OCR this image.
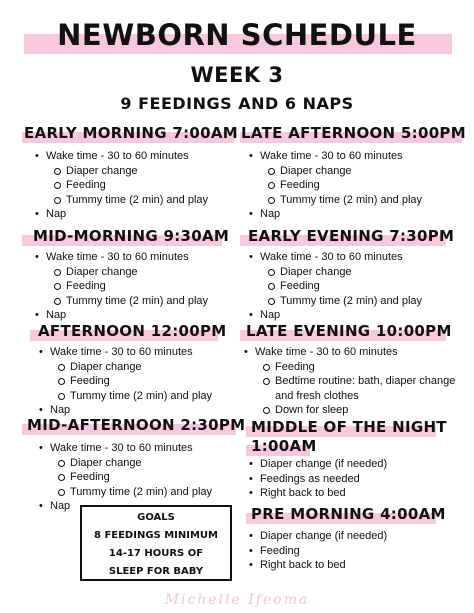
NEWBORN SCHEDULE
WEEK 3
9 FEEDINGS AND 6 NAPS
EARLY MORNING 7:00AM
• Wake time - 30 to 60 minutes
Diaper change
Feeding
Tummy time (2 min) and play
• Nap
MID-MORNING 9:30AM
• Wake time - 30 to 60 minutes
Diaper change
Feeding
Tummy time (2 min) and play
• Nap
AFTERNOON 12:00PM
• Wake time - 30 to 60 minutes
Diaper change
Feeding
Tummy time (2 min) and play
• Nap
MID-AFTERNOON 2:30PM
• Wake time - 30 to 60 minutes
Diaper change
Feeding
Tummy time (2 min) and play
• Nap
GOALS
8 FEEDINGS MINIMUM
14-17 HOURS OF
SLEEP FOR BABY
LATE AFTERNOON 5:00PM
• Wake time - 30 to 60 minutes
Diaper change
Feeding
Tummy time (2 min) and play
• Nap
EARLY EVENING 7:30PM
• Wake time - 30 to 60 minutes
Diaper change
Feeding
Tummy time (2 min) and play
• Nap
LATE EVENING 10:00PM
• Wake time - 30 to 60 minutes
Feeding
Bedtime routine: bath, diaper change
and fresh clothes
Down for sleep
MIDDLE OF THE NIGHT
1:00AM
• Diaper change (if needed)
• Feedings as needed
• Right back to bed
PRE MORNING 4:00AM
• Diaper change (if needed)
• Feeding
• Right back to bed
Michelle Ifeoma
